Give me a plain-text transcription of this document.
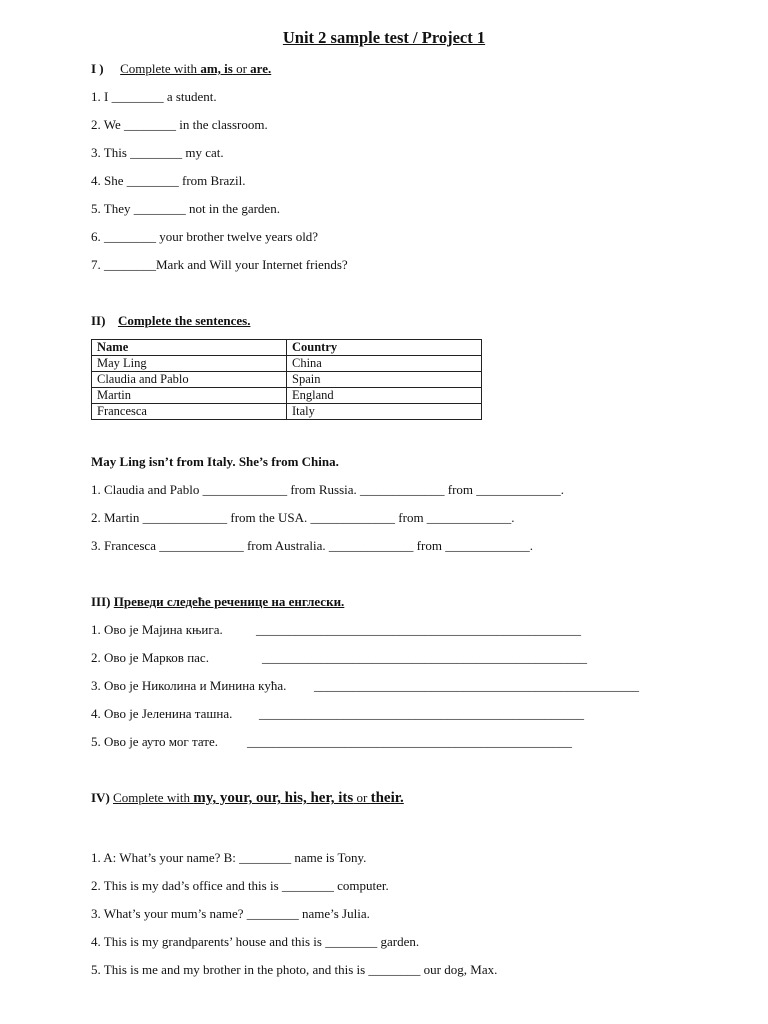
Unit 2 sample test / Project 1
I ) Complete with am, is or are.
1. I ________ a student.
2. We ________ in the classroom.
3. This ________ my cat.
4. She ________ from Brazil.
5. They ________ not in the garden.
6. ________ your brother twelve years old?
7. ________Mark and Will your Internet friends?
II) Complete the sentences.
Name	Country
May Ling	China
Claudia and Pablo	Spain
Martin	England
Francesca	Italy
May Ling isn’t from Italy. She’s from China.
1. Claudia and Pablo _____________ from Russia. _____________ from _____________.
2. Martin _____________ from the USA. _____________ from _____________.
3. Francesca _____________ from Australia. _____________ from _____________.
III) Преведи следеће реченице на енглески.
1. Ово је Мајина књига.	__________________________________________________
2. Ово је Марков пас.	__________________________________________________
3. Ово је Николина и Минина кућа. __________________________________________________
4. Ово је Јеленина ташна. __________________________________________________
5. Ово је ауто мог тате. __________________________________________________
IV) Complete with my, your, our, his, her, its or their.
1. A: What’s your name? B: ________ name is Tony.
2. This is my dad’s office and this is ________ computer.
3. What’s your mum’s name? ________ name’s Julia.
4. This is my grandparents’ house and this is ________ garden.
5. This is me and my brother in the photo, and this is ________ our dog, Max.
